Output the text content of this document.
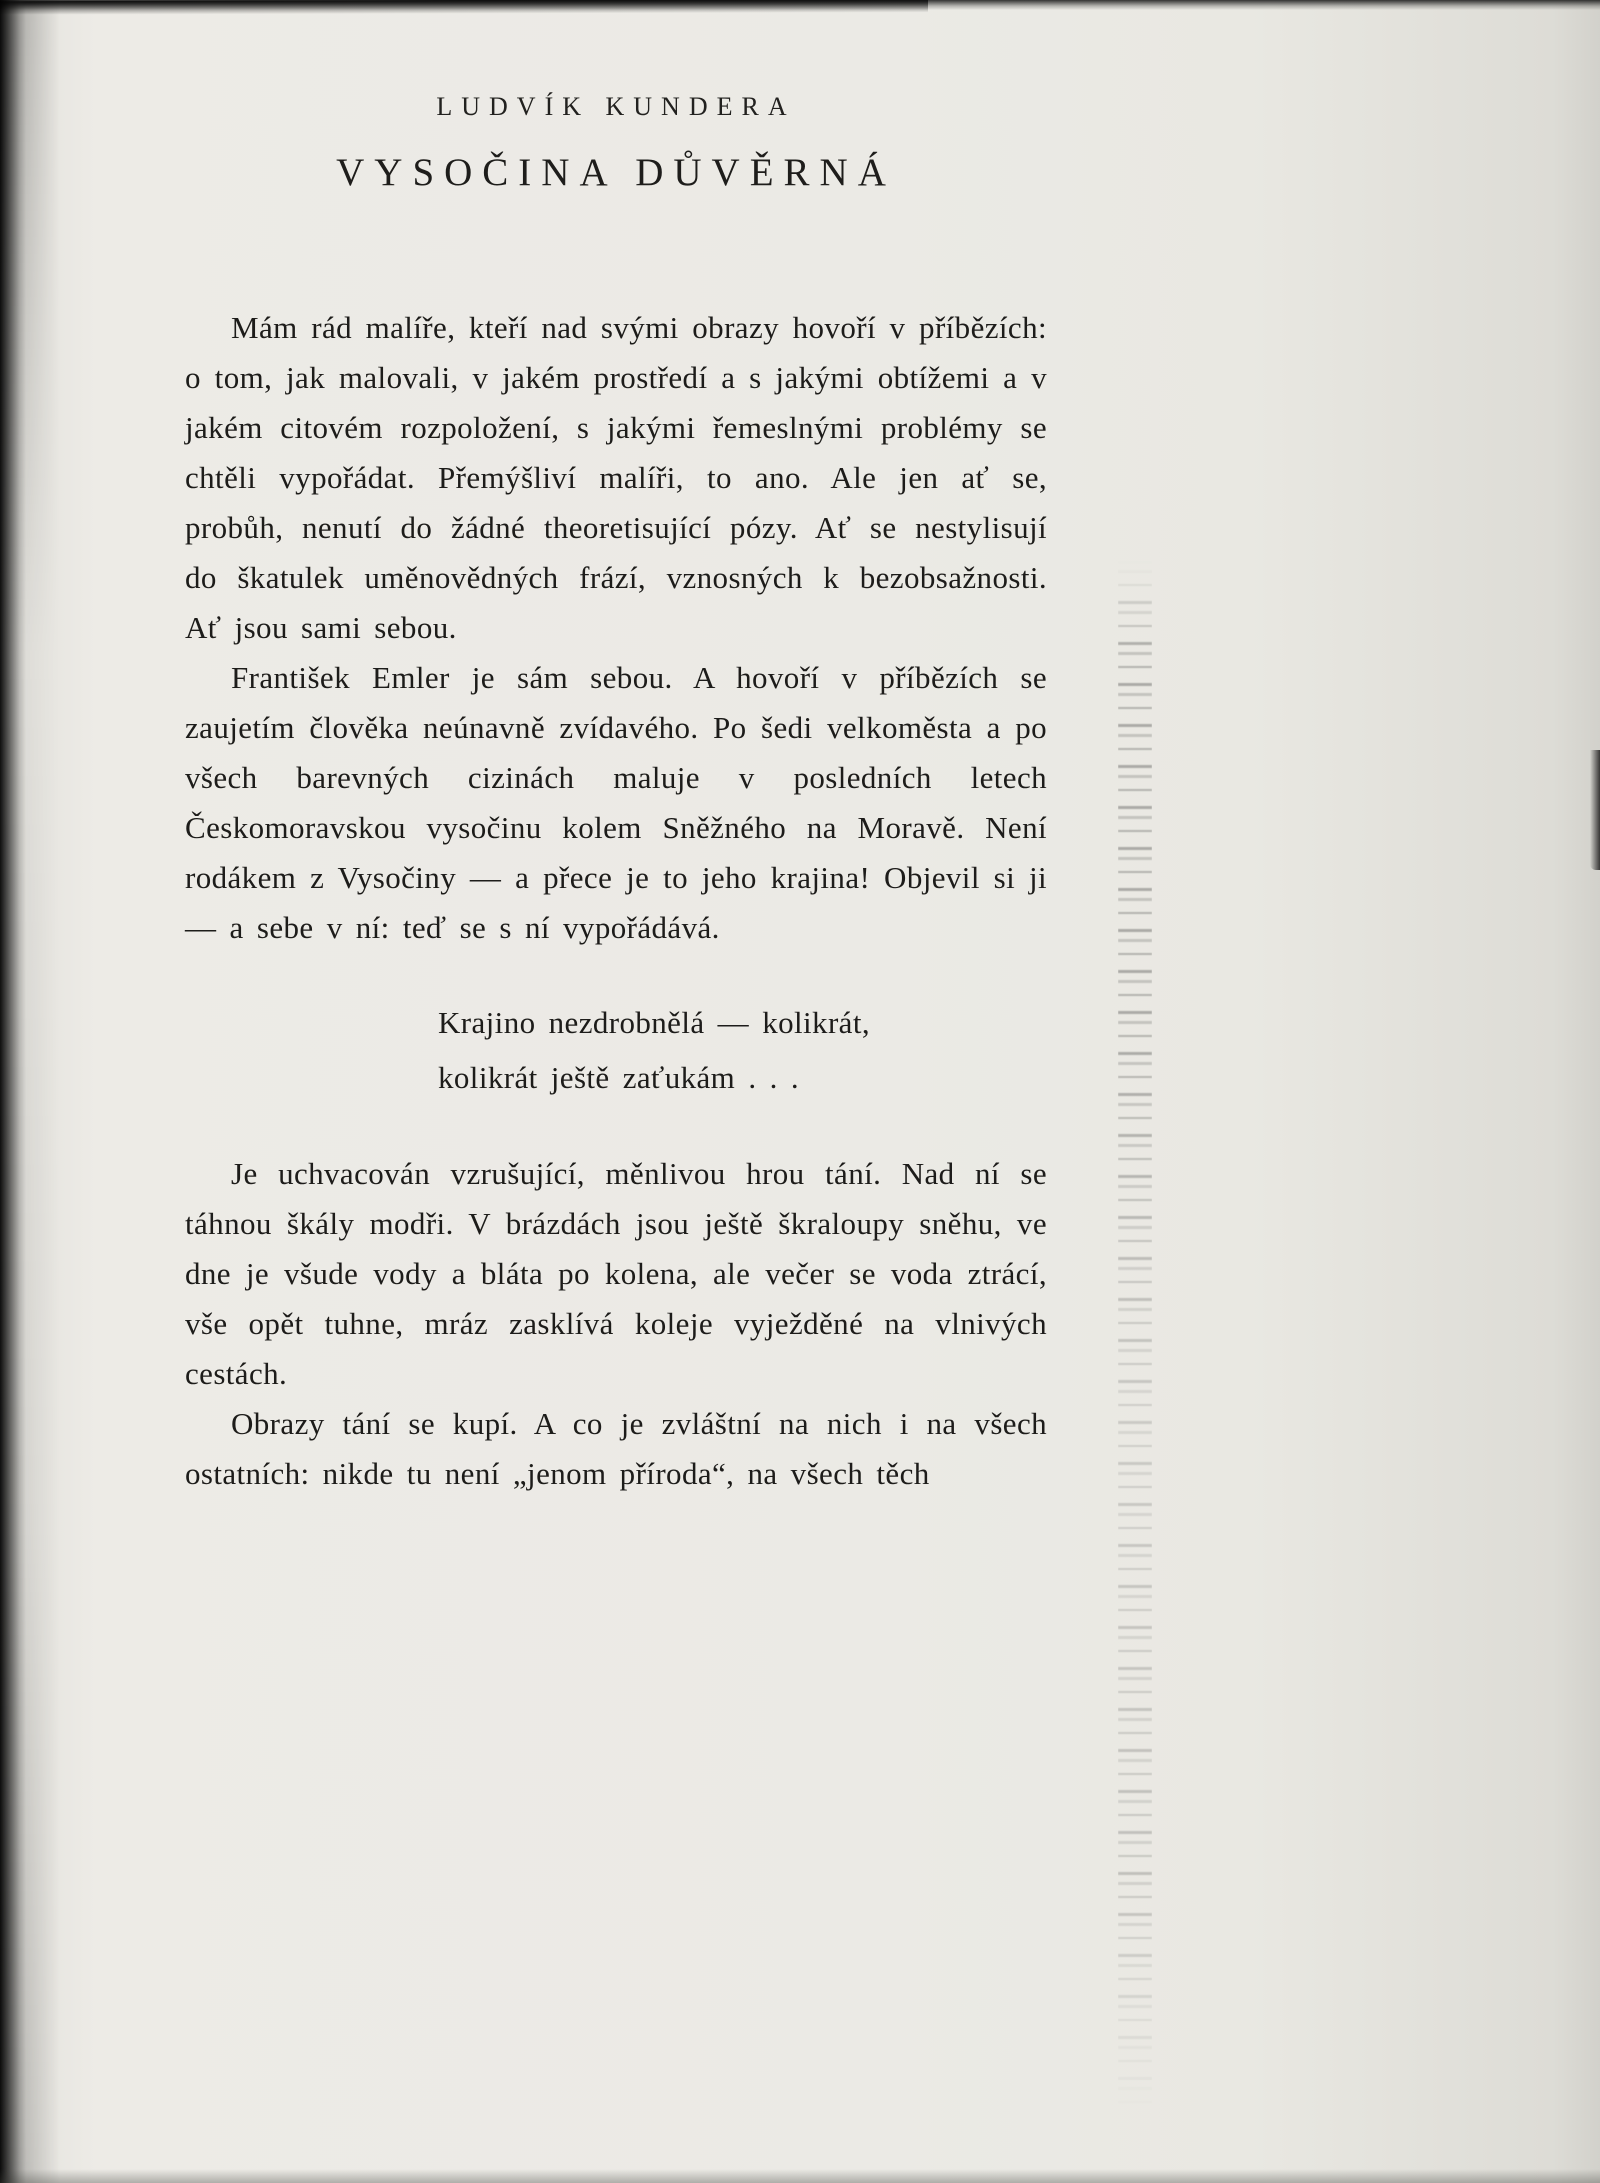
LUDVÍK KUNDERA
VYSOČINA DŮVĚRNÁ

Mám rád malíře, kteří nad svými obrazy hovoří v příbězích: o tom, jak malovali, v jakém prostředí a s jakými obtížemi a v jakém citovém rozpoložení, s jakými řemeslnými problémy se chtěli vypořádat. Přemýšliví malíři, to ano. Ale jen ať se, probůh, nenutí do žádné theoretisující pózy. Ať se nestylisují do škatulek uměnovědných frází, vznosných k bezobsažnosti. Ať jsou sami sebou.

František Emler je sám sebou. A hovoří v příbězích se zaujetím člověka neúnavně zvídavého. Po šedi velkoměsta a po všech barevných cizinách maluje v posledních letech Českomoravskou vysočinu kolem Sněžného na Moravě. Není rodákem z Vysočiny — a přece je to jeho krajina! Objevil si ji — a sebe v ní: teď se s ní vypořádává.

Krajino nezdrobnělá — kolikrát,
kolikrát ještě zaťukám . . .

Je uchvacován vzrušující, měnlivou hrou tání. Nad ní se táhnou škály modři. V brázdách jsou ještě škraloupy sněhu, ve dne je všude vody a bláta po kolena, ale večer se voda ztrácí, vše opět tuhne, mráz zasklívá koleje vyježděné na vlnivých cestách.

Obrazy tání se kupí. A co je zvláštní na nich i na všech ostatních: nikde tu není „jenom příroda“, na všech těch
